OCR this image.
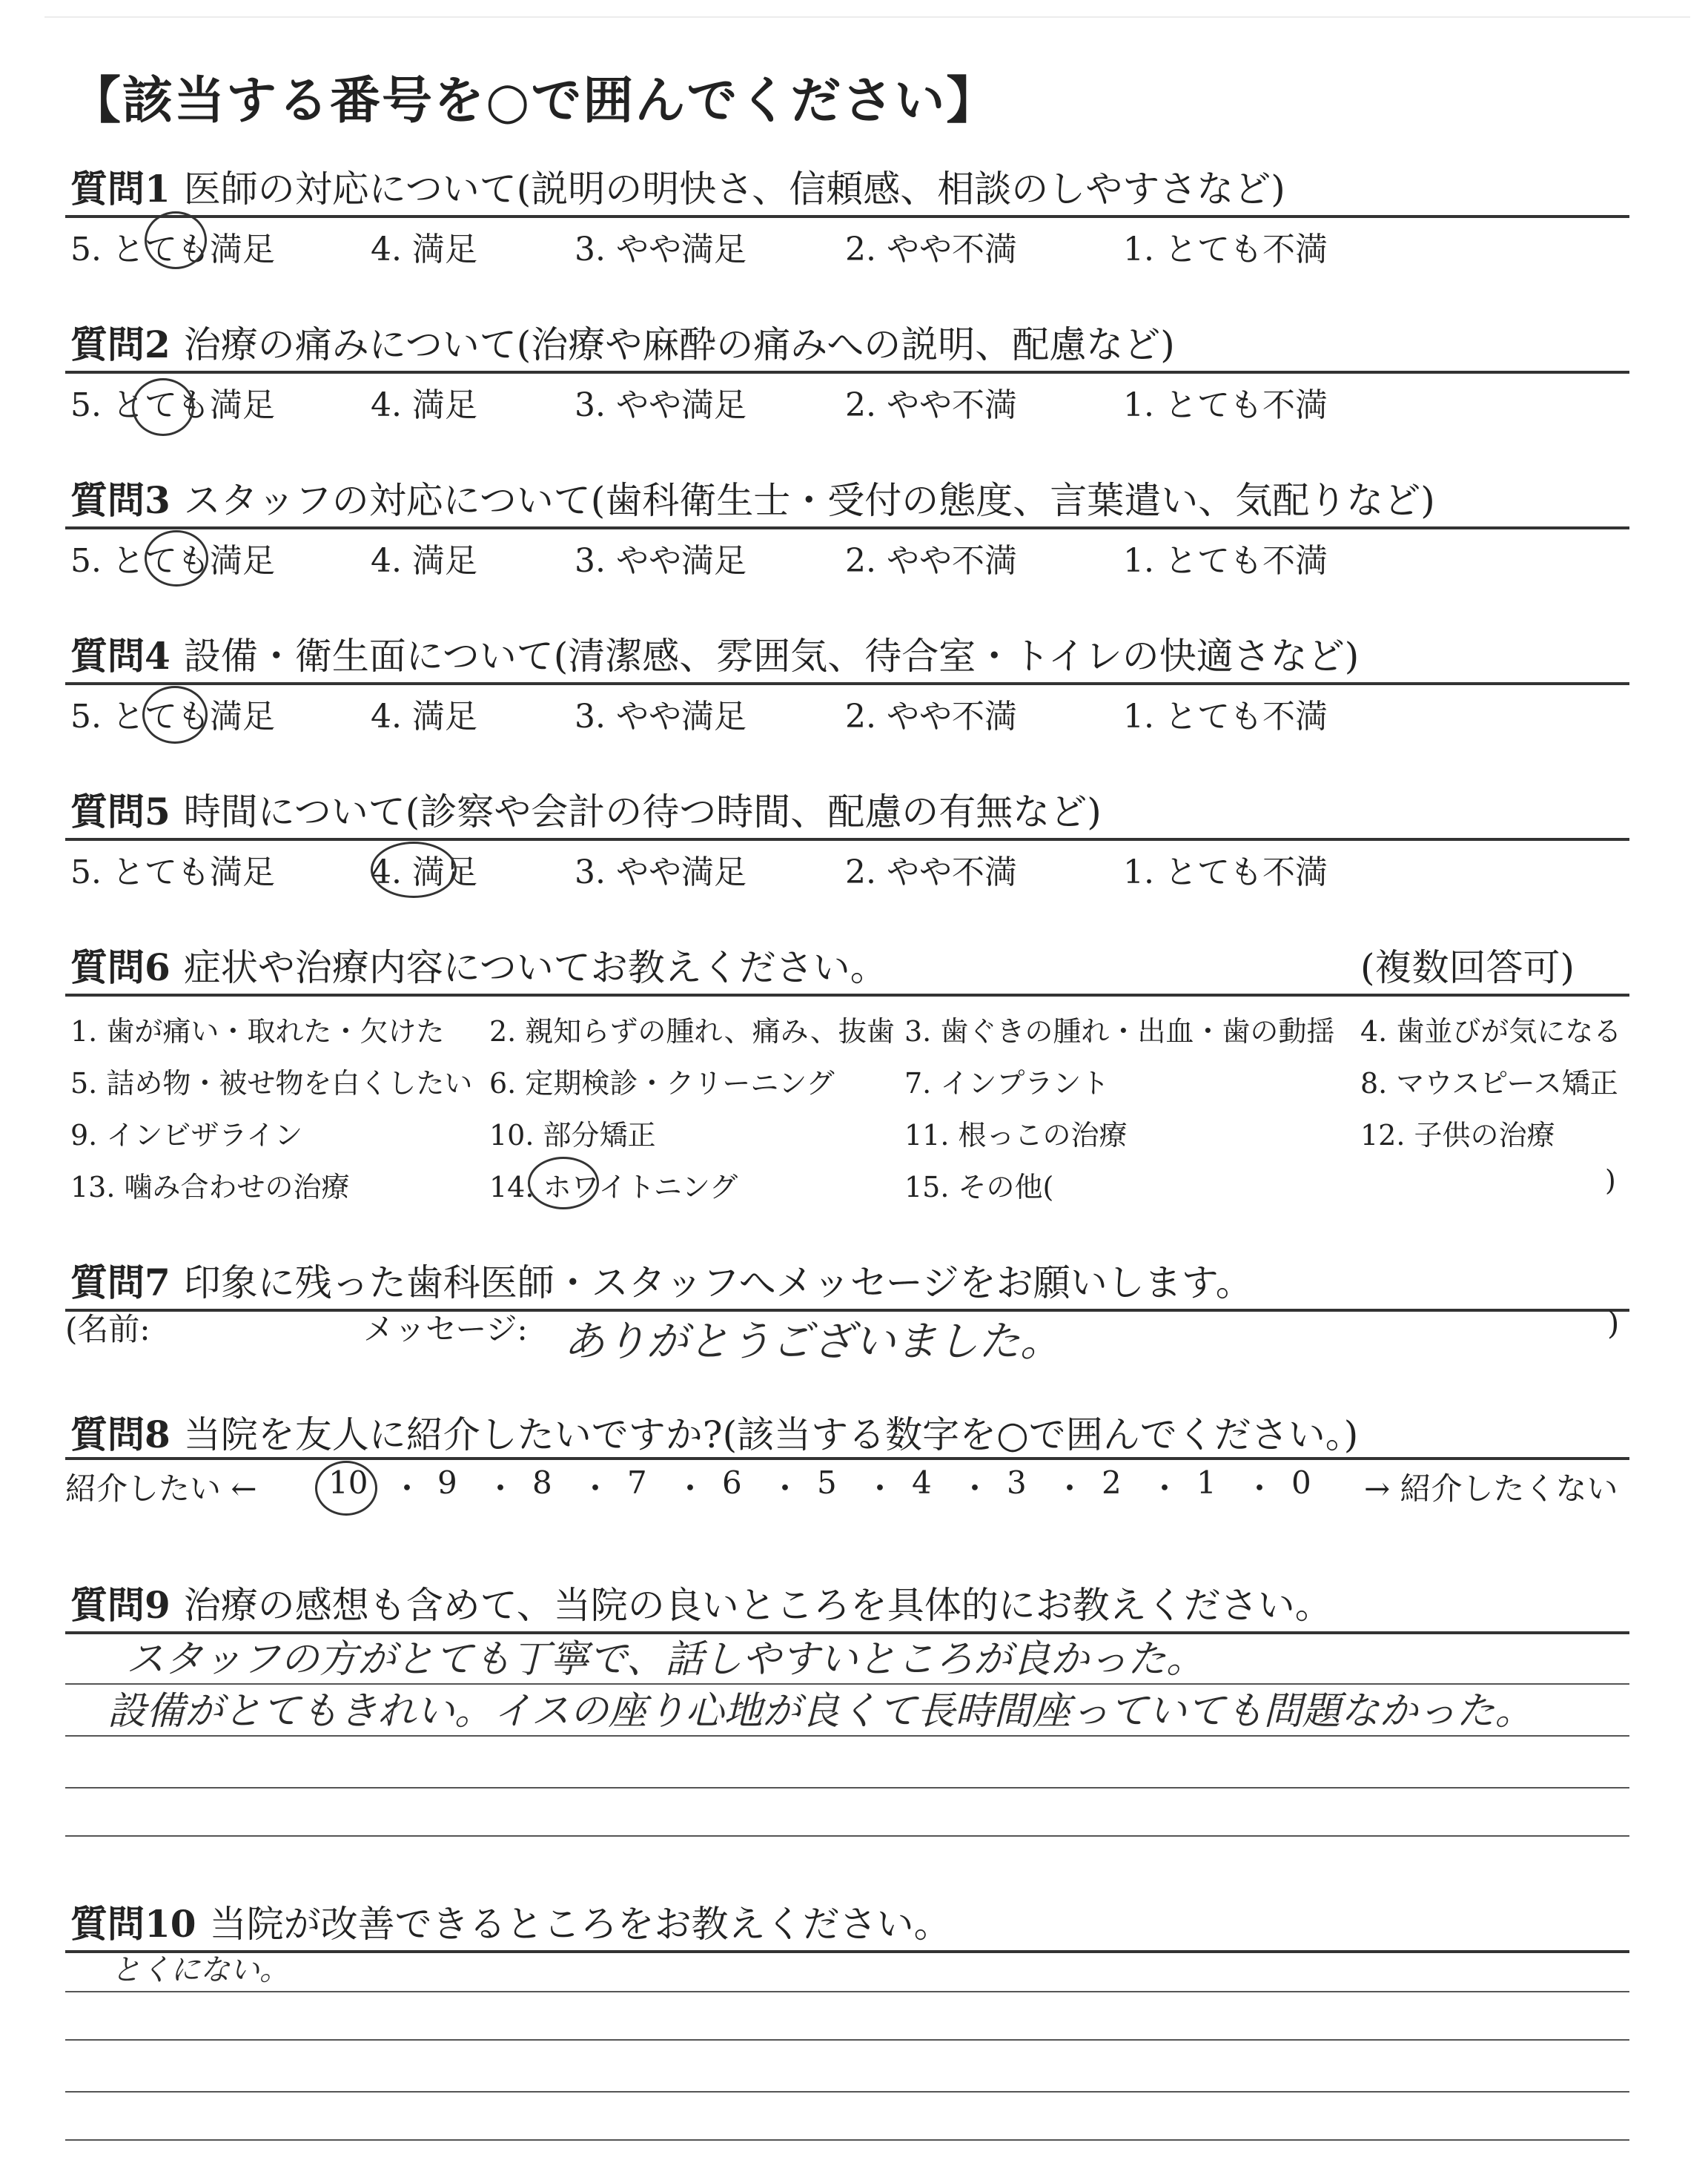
【該当する番号を○で囲んでください】
質問1 医師の対応について(説明の明快さ、信頼感、相談のしやすさなど)
5. とても満足	4. 満足	3. やや満足	2. やや不満	1. とても不満
質問2 治療の痛みについて(治療や麻酔の痛みへの説明、配慮など)
5. とても満足	4. 満足	3. やや満足	2. やや不満	1. とても不満
質問3 スタッフの対応について(歯科衛生士・受付の態度、言葉遣い、気配りなど)
5. とても満足	4. 満足	3. やや満足	2. やや不満	1. とても不満
質問4 設備・衛生面について(清潔感、雰囲気、待合室・トイレの快適さなど)
5. とても満足	4. 満足	3. やや満足	2. やや不満	1. とても不満
質問5 時間について(診察や会計の待つ時間、配慮の有無など)
5. とても満足	4. 満足	3. やや満足	2. やや不満	1. とても不満
質問6 症状や治療内容についてお教えください。	(複数回答可)
1. 歯が痛い・取れた・欠けた 2. 親知らずの腫れ、痛み、抜歯 3. 歯ぐきの腫れ・出血・歯の動揺 4. 歯並びが気になる
5. 詰め物・被せ物を白くしたい 6. 定期検診・クリーニング 7. インプラント	8. マウスピース矯正
9. インビザライン	10. 部分矯正	11. 根っこの治療	12. 子供の治療
13. 噛み合わせの治療	14. ホワイトニング	15. その他(	)
質問7 印象に残った歯科医師・スタッフへメッセージをお願いします。
(名前:	メッセージ: ありがとうございました。	)
質問8 当院を友人に紹介したいですか?(該当する数字を○で囲んでください。)
紹介したい ← 10 ・ 9 ・ 8 ・ 7 ・ 6 ・ 5 ・ 4 ・ 3 ・ 2 ・ 1 ・ 0 → 紹介したくない
質問9 治療の感想も含めて、当院の良いところを具体的にお教えください。
スタッフの方がとても丁寧で、話しやすいところが良かった。
設備がとてもきれい。イスの座り心地が良くて長時間座っていても問題なかった。
質問10 当院が改善できるところをお教えください。
とくにない。
